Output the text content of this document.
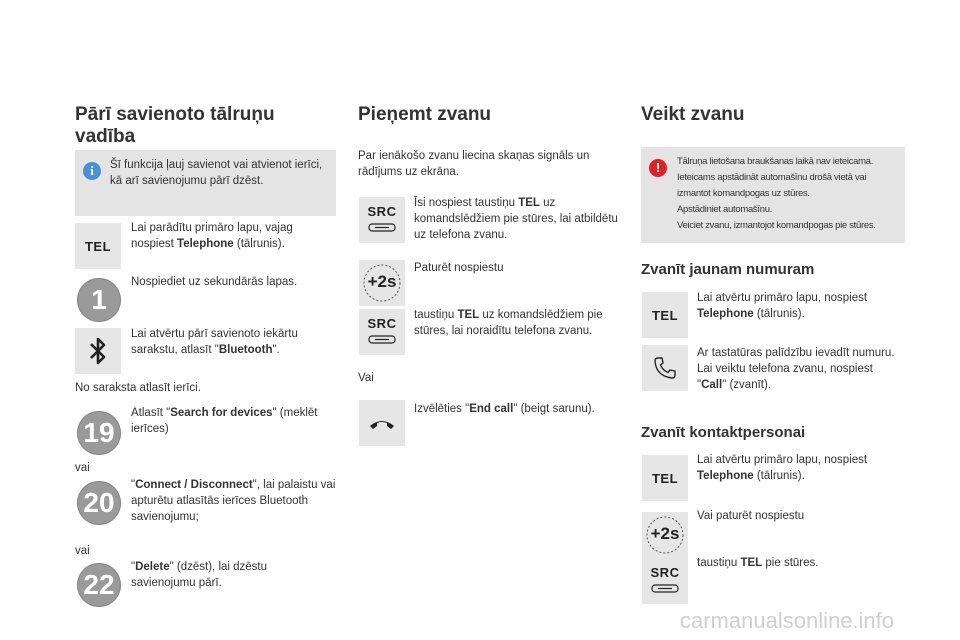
Pārī savienoto tālruņu
vadība
i	Šī funkcija ļauj savienot vai atvienot ierīci, kā arī savienojumu pārī dzēst.
TEL
Lai parādītu primāro lapu, vajag nospiest Telephone (tālrunis).
1
Nospiediet uz sekundārās lapas.
Lai atvērtu pārī savienoto iekārtu sarakstu, atlasīt "Bluetooth".
No saraksta atlasīt ierīci.
19
Atlasīt "Search for devices" (meklēt ierīces)
vai
20
"Connect / Disconnect", lai palaistu vai apturētu atlasītās ierīces Bluetooth savienojumu;
vai
22
"Delete" (dzēst), lai dzēstu savienojumu pārī.
Pieņemt zvanu
Par ienākošo zvanu liecina skaņas signāls un rādījums uz ekrāna.
SRC
Īsi nospiest taustiņu TEL uz komandslēdžiem pie stūres, lai atbildētu uz telefona zvanu.
+2s
Paturēt nospiestu
SRC
taustiņu TEL uz komandslēdžiem pie stūres, lai noraidītu telefona zvanu.
Vai
Izvēlēties "End call" (beigt sarunu).
Veikt zvanu
!	Tālruņa lietošana braukšanas laikā nav ieteicama.
Ieteicams apstādināt automašīnu drošā vietā vai
izmantot komandpogas uz stūres.
Apstādiniet automašīnu.
Veiciet zvanu, izmantojot komandpogas pie stūres.
Zvanīt jaunam numuram
TEL
Lai atvērtu primāro lapu, nospiest Telephone (tālrunis).
Ar tastatūras palīdzību ievadīt numuru.
Lai veiktu telefona zvanu, nospiest "Call" (zvanīt).
Zvanīt kontaktpersonai
TEL
Lai atvērtu primāro lapu, nospiest Telephone (tālrunis).
+2s
Vai paturēt nospiestu
SRC
taustiņu TEL pie stūres.
carmanualsonline.info
